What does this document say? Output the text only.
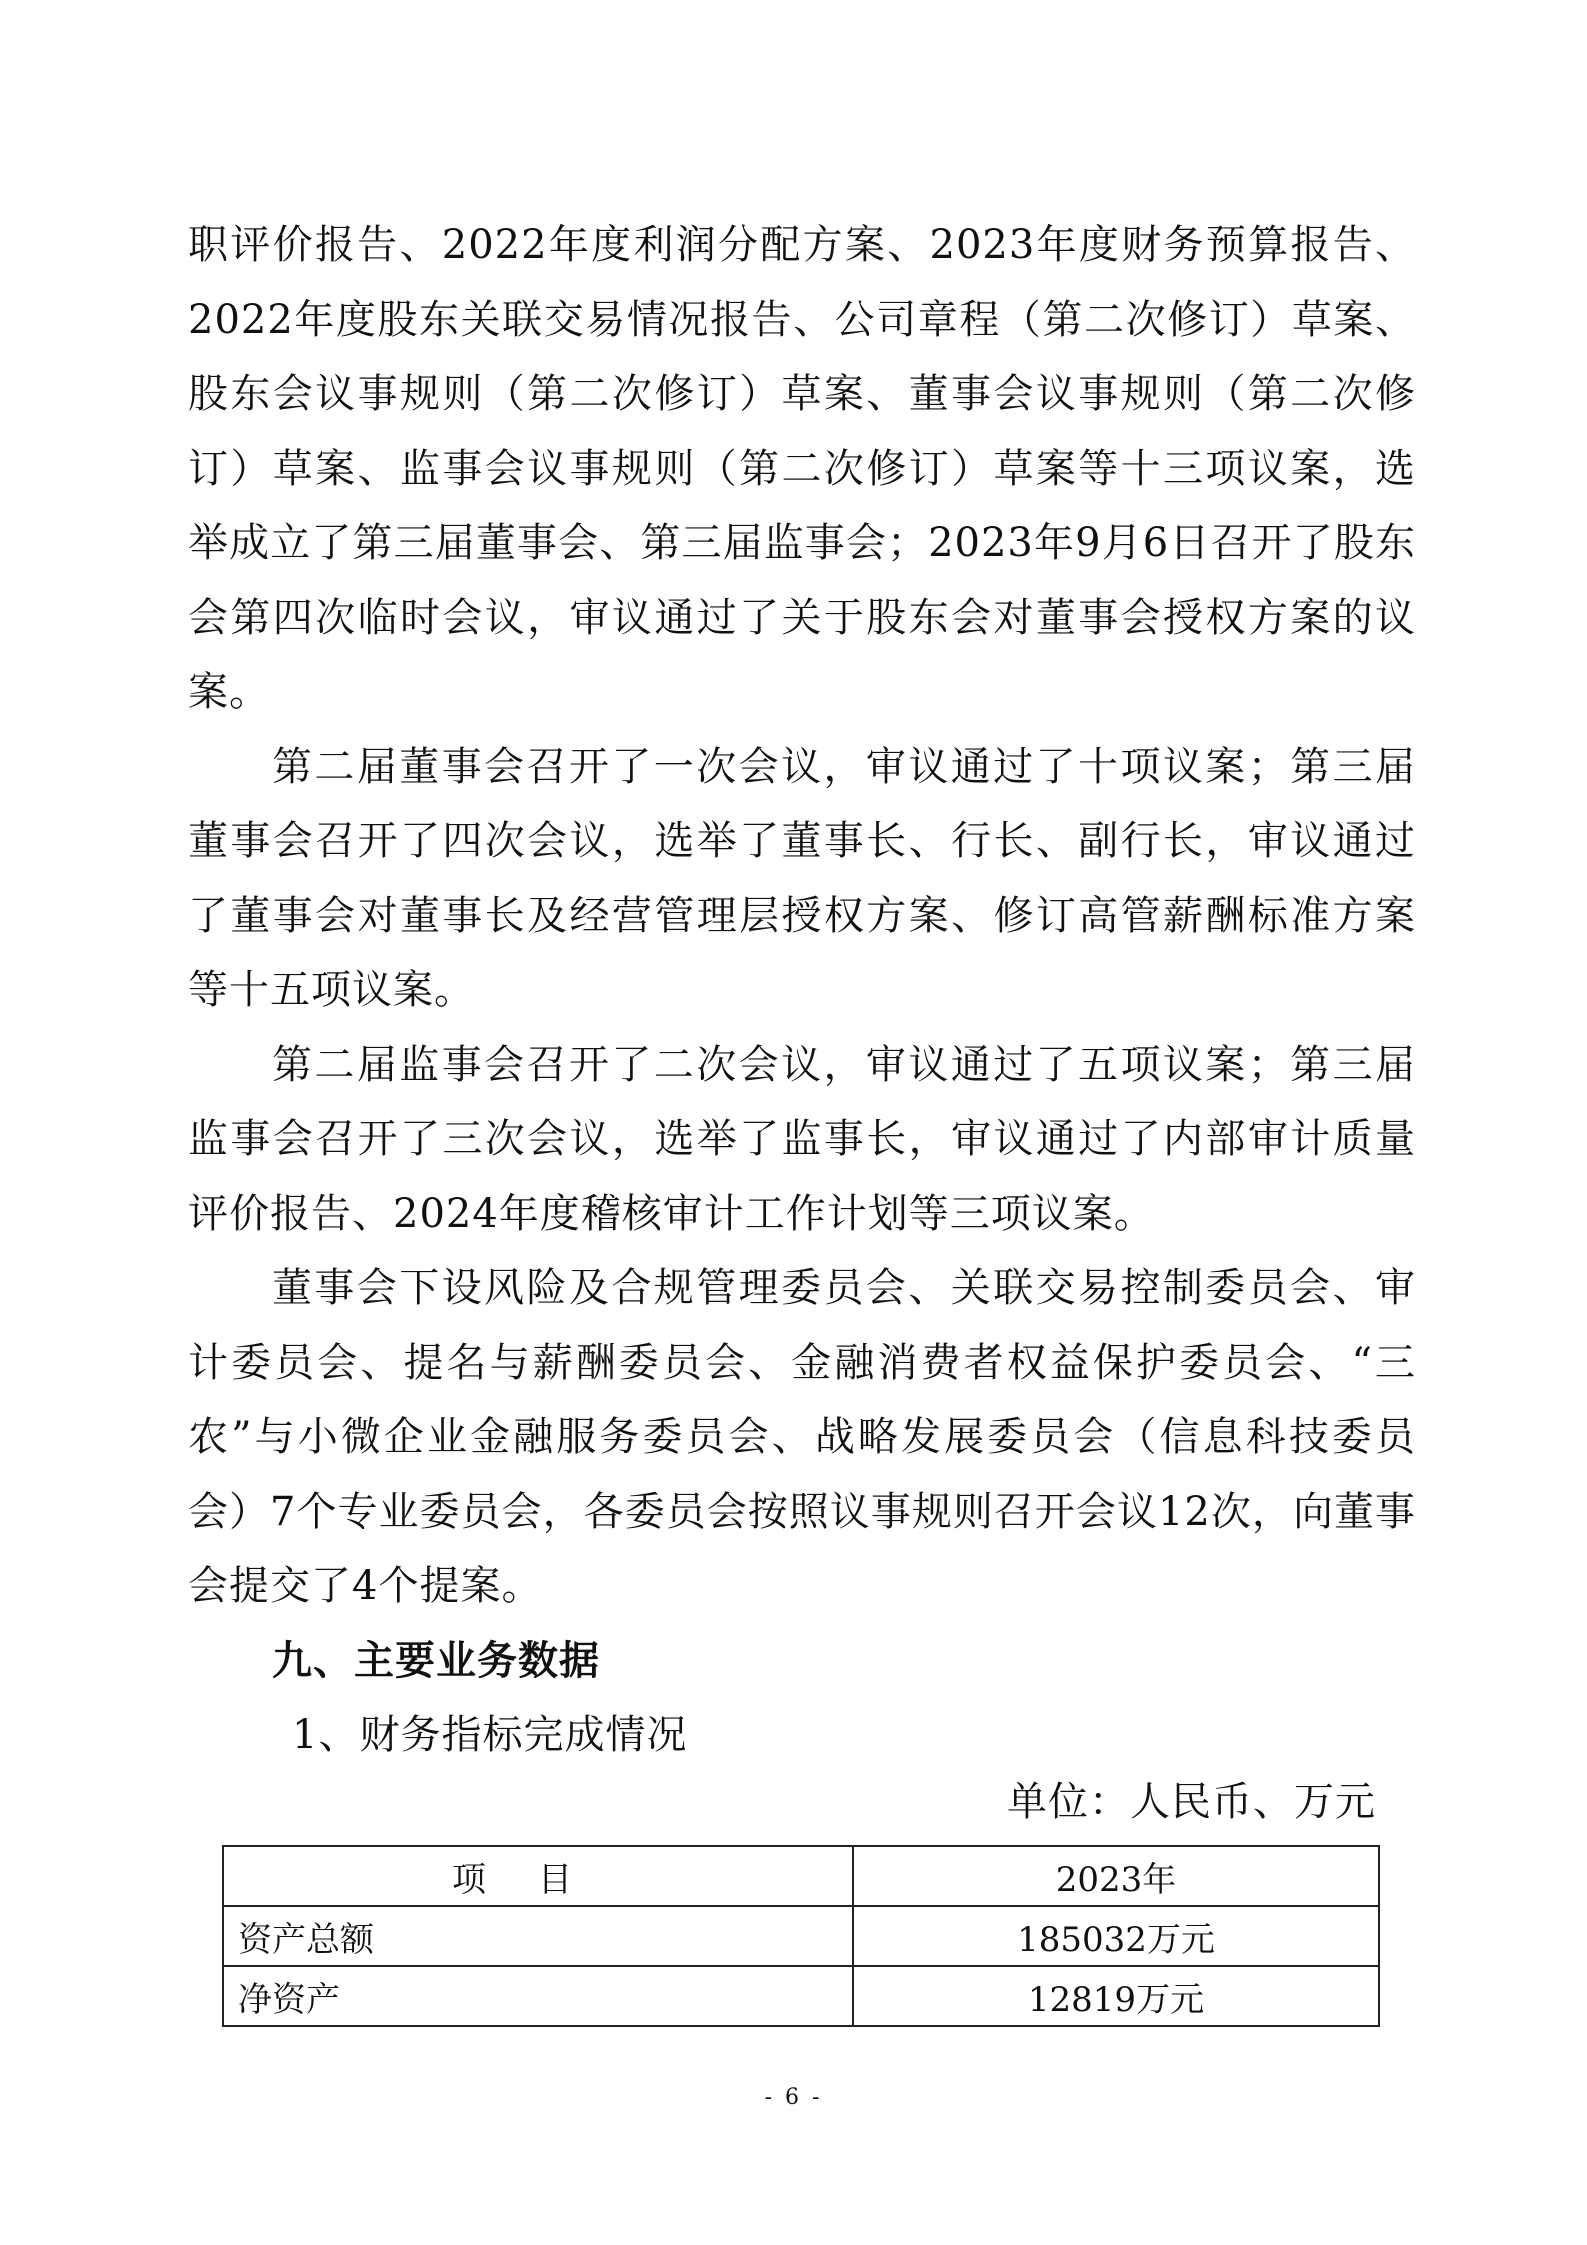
职评价报告、2022年度利润分配方案、2023年度财务预算报告、2022年度股东关联交易情况报告、公司章程（第二次修订）草案、股东会议事规则（第二次修订）草案、董事会议事规则（第二次修订）草案、监事会议事规则（第二次修订）草案等十三项议案，选举成立了第三届董事会、第三届监事会；2023年9月6日召开了股东会第四次临时会议，审议通过了关于股东会对董事会授权方案的议案。

第二届董事会召开了一次会议，审议通过了十项议案；第三届董事会召开了四次会议，选举了董事长、行长、副行长，审议通过了董事会对董事长及经营管理层授权方案、修订高管薪酬标准方案等十五项议案。

第二届监事会召开了二次会议，审议通过了五项议案；第三届监事会召开了三次会议，选举了监事长，审议通过了内部审计质量评价报告、2024年度稽核审计工作计划等三项议案。

董事会下设风险及合规管理委员会、关联交易控制委员会、审计委员会、提名与薪酬委员会、金融消费者权益保护委员会、“三农”与小微企业金融服务委员会、战略发展委员会（信息科技委员会）7个专业委员会，各委员会按照议事规则召开会议12次，向董事会提交了4个提案。

九、主要业务数据

1、财务指标完成情况

单位：人民币、万元
项目	2023年
资产总额	185032万元
净资产	12819万元
- 6 -
